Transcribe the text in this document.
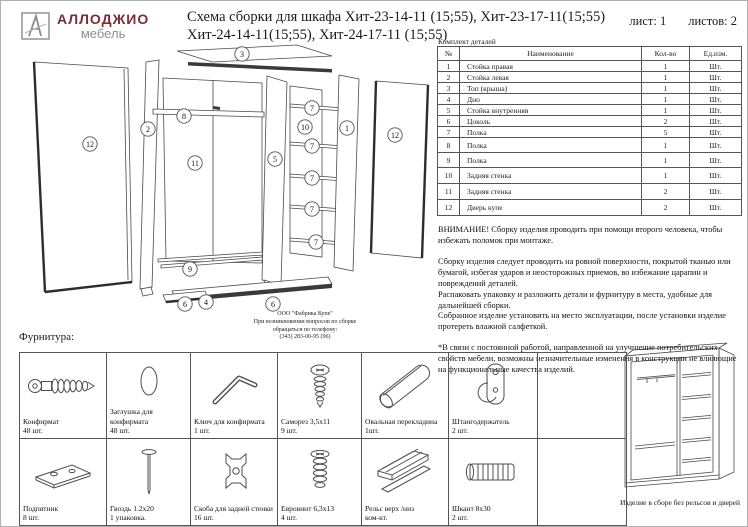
12
2
8
11
3
5
10
7
7
7
7
7
1
12
9
6 4	6
АЛЛОДЖИО
мебель
Схема сборки для шкафа Хит-23-14-11 (15;55), Хит-23-17-11(15;55)
Хит-24-14-11(15;55), Хит-24-17-11 (15;55)
лист: 1 листов: 2
Комплект деталей
№	Наименование	Кол-во	Ед.изм.
1	Стойка правая	1	Шт.
2	Стойка левая	1	Шт.
3	Топ (крыша)	1	Шт.
4	Дно	1	Шт.
5	Стойка внутренняя	1	Шт.
6	Цоколь	2	Шт.
7	Полка	5	Шт.
8	Полка	1	Шт.
9	Полка	1	Шт.
10	Задняя стенка	1	Шт.
11	Задняя стенка	2	Шт.
12	Дверь купе	2	Шт.

ВНИМАНИЕ! Сборку изделия проводить при помощи второго человека, чтобы избежать поломок при монтаже.

Сборку изделия следует проводить на ровной поверхности, покрытой тканью или бумагой, избегая ударов и неосторожных приемов, во избежание царапин и повреждений деталей.

Распаковать упаковку и разложить детали и фурнитуру в места, удобные для дальнейшей сборки.

Собранное изделие установить на место эксплуатации, после установки изделие протереть влажной салфеткой.

*В связи с постоянной работой, направленной на улучшение потребительских свойств мебели, возможны незначительные изменения в конструкции не влияющие на функциональные качества изделий.

ООО "Фабрика Купе"
При возникновении вопросов по сборке
обращаться по телефону:
(343) 283-00-95 (96)
Фурнитура:
Конфирмат
48 шт.
Заглушка для конфирмата
48 шт.
Ключ для конфирмата
1 шт.
Саморез 3,5х11
9 шт.
Овальная перекладина
1шт.
Штангодержатель
2 шт.
Подпятник
8 шт.
Гвоздь 1.2х20
1 упаковка.
Скоба для задней стенки
16 шт.
Евровинт 6,3х13
4 шт.
Рельс верх /низ
ком-кт.
Шкант 8х30
2 шт.
Изделие в сборе без рельсов и дверей
